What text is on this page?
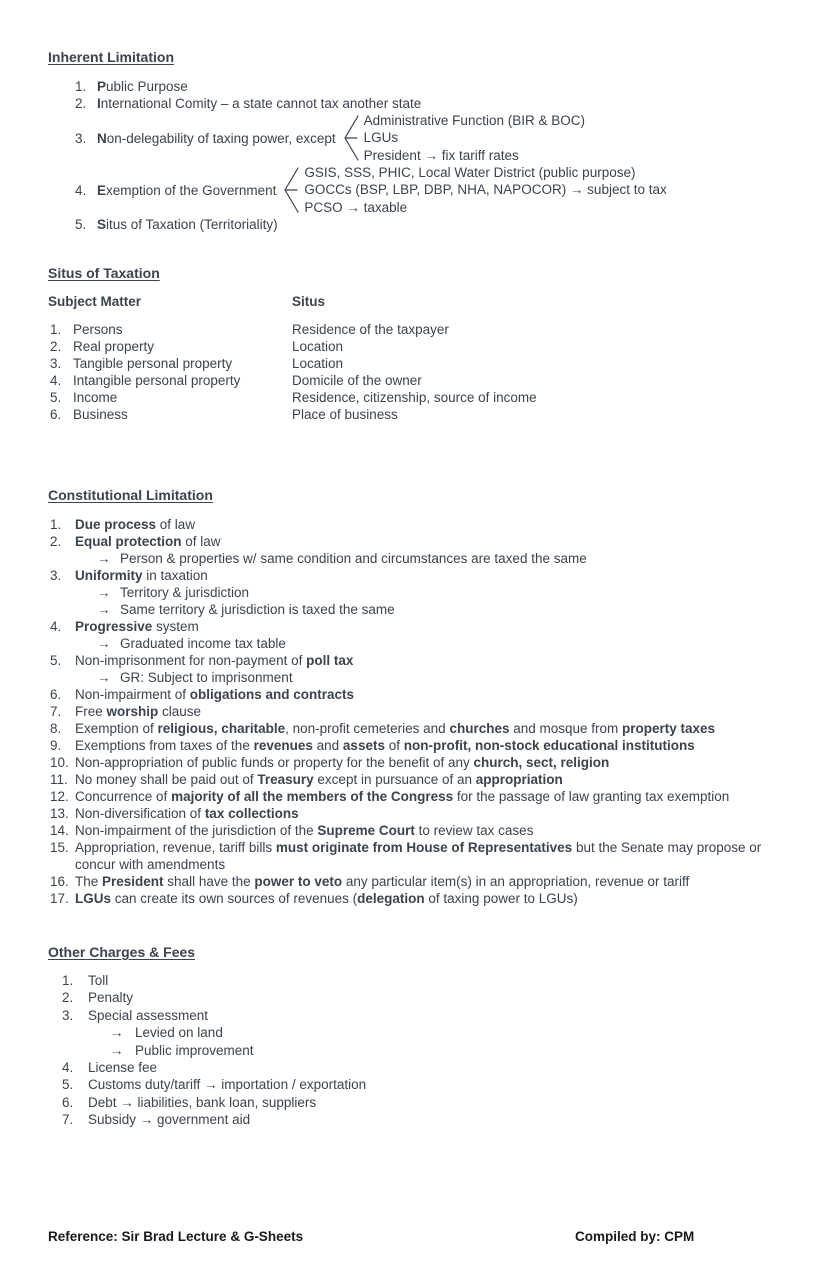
Inherent Limitation
1. Public Purpose
2. International Comity – a state cannot tax another state
3. Non-delegability of taxing power, except
Administrative Function (BIR & BOC)
LGUs
President → fix tariff rates
4. Exemption of the Government
GSIS, SSS, PHIC, Local Water District (public purpose)
GOCCs (BSP, LBP, DBP, NHA, NAPOCOR) → subject to tax
PCSO → taxable
5. Situs of Taxation (Territoriality)
Situs of Taxation
Subject Matter	Situs
1. Persons	Residence of the taxpayer
2. Real property	Location
3. Tangible personal property	Location
4. Intangible personal property	Domicile of the owner
5. Income	Residence, citizenship, source of income
6. Business	Place of business
Constitutional Limitation
1.	Due process of law
2.	Equal protection of law
→ Person & properties w/ same condition and circumstances are taxed the same
3.	Uniformity in taxation
→ Territory & jurisdiction
→ Same territory & jurisdiction is taxed the same
4.	Progressive system
→ Graduated income tax table
5.	Non-imprisonment for non-payment of poll tax
→ GR: Subject to imprisonment
6.	Non-impairment of obligations and contracts
7.	Free worship clause
8.	Exemption of religious, charitable, non-profit cemeteries and churches and mosque from property taxes
9.	Exemptions from taxes of the revenues and assets of non-profit, non-stock educational institutions
10. Non-appropriation of public funds or property for the benefit of any church, sect, religion
11. No money shall be paid out of Treasury except in pursuance of an appropriation
12. Concurrence of majority of all the members of the Congress for the passage of law granting tax exemption
13. Non-diversification of tax collections
14. Non-impairment of the jurisdiction of the Supreme Court to review tax cases
15. Appropriation, revenue, tariff bills must originate from House of Representatives but the Senate may propose or concur with amendments
16. The President shall have the power to veto any particular item(s) in an appropriation, revenue or tariff
17. LGUs can create its own sources of revenues (delegation of taxing power to LGUs)
Other Charges & Fees
1.	Toll
2.	Penalty
3.	Special assessment
→ Levied on land
→ Public improvement
4.	License fee
5.	Customs duty/tariff → importation / exportation
6.	Debt → liabilities, bank loan, suppliers
7.	Subsidy → government aid
Reference: Sir Brad Lecture & G-Sheets	Compiled by: CPM
